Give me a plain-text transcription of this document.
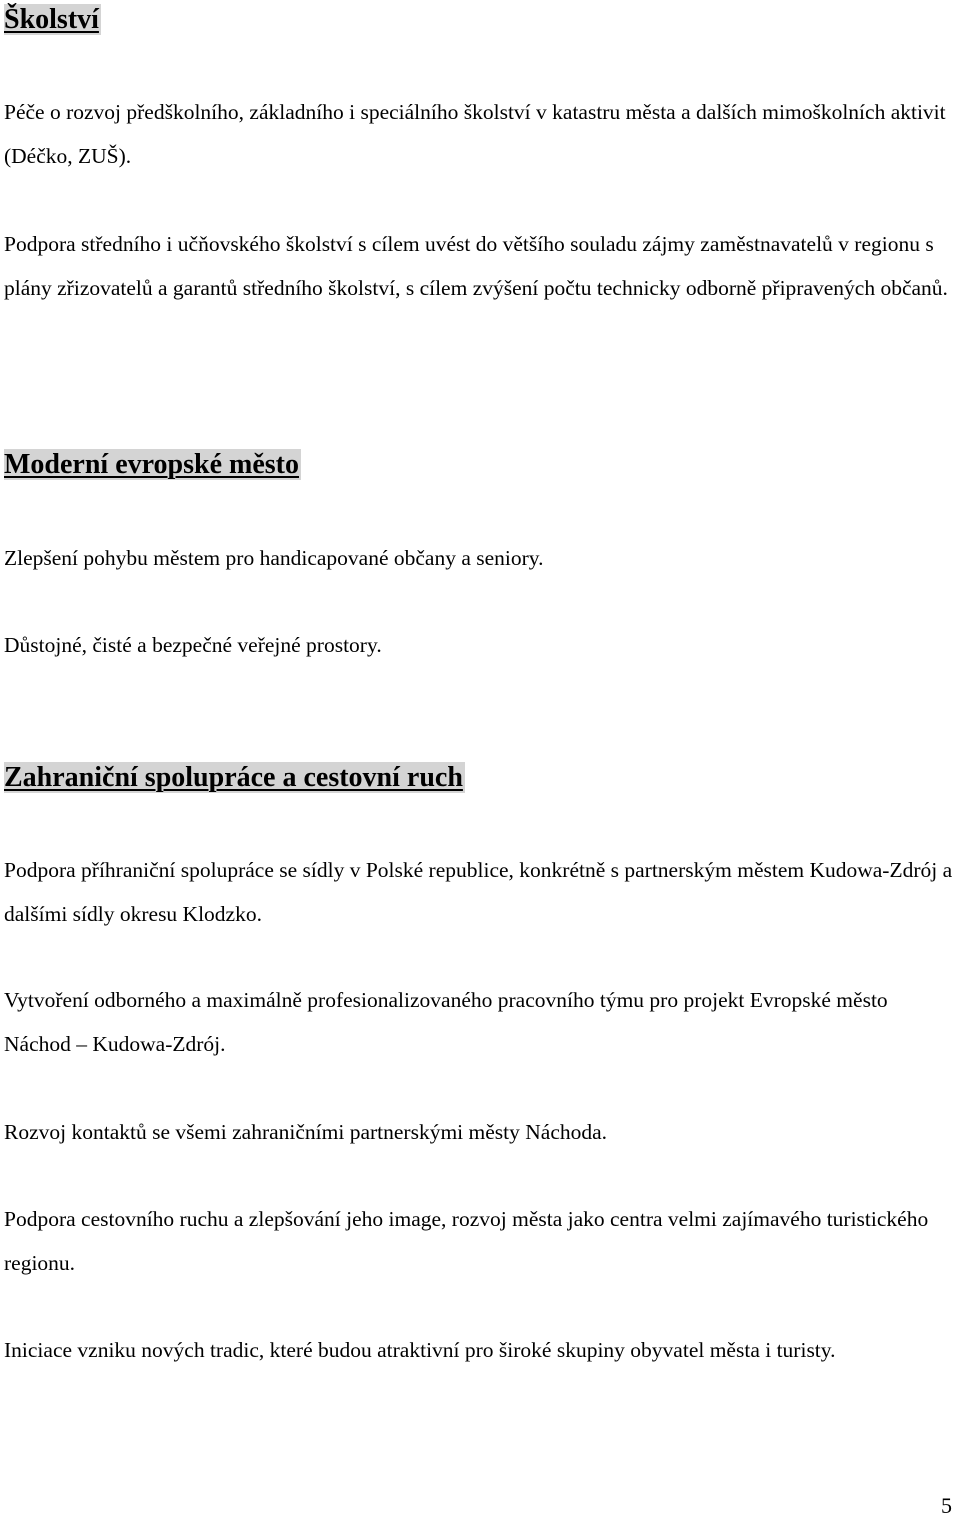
Školství

Péče o rozvoj předškolního, základního i speciálního školství v katastru města a dalších mimoškolních aktivit (Déčko, ZUŠ).

Podpora středního i učňovského školství s cílem uvést do většího souladu zájmy zaměstnavatelů v regionu s plány zřizovatelů a garantů středního školství, s cílem zvýšení počtu technicky odborně připravených občanů.

Moderní evropské město

Zlepšení pohybu městem pro handicapované občany a seniory.

Důstojné, čisté a bezpečné veřejné prostory.

Zahraniční spolupráce a cestovní ruch

Podpora příhraniční spolupráce se sídly v Polské republice, konkrétně s partnerským městem Kudowa-Zdrój a dalšími sídly okresu Klodzko.

Vytvoření odborného a maximálně profesionalizovaného pracovního týmu pro projekt Evropské město Náchod – Kudowa-Zdrój.

Rozvoj kontaktů se všemi zahraničními partnerskými městy Náchoda.

Podpora cestovního ruchu a zlepšování jeho image, rozvoj města jako centra velmi zajímavého turistického regionu.

Iniciace vzniku nových tradic, které budou atraktivní pro široké skupiny obyvatel města i turisty.

5
